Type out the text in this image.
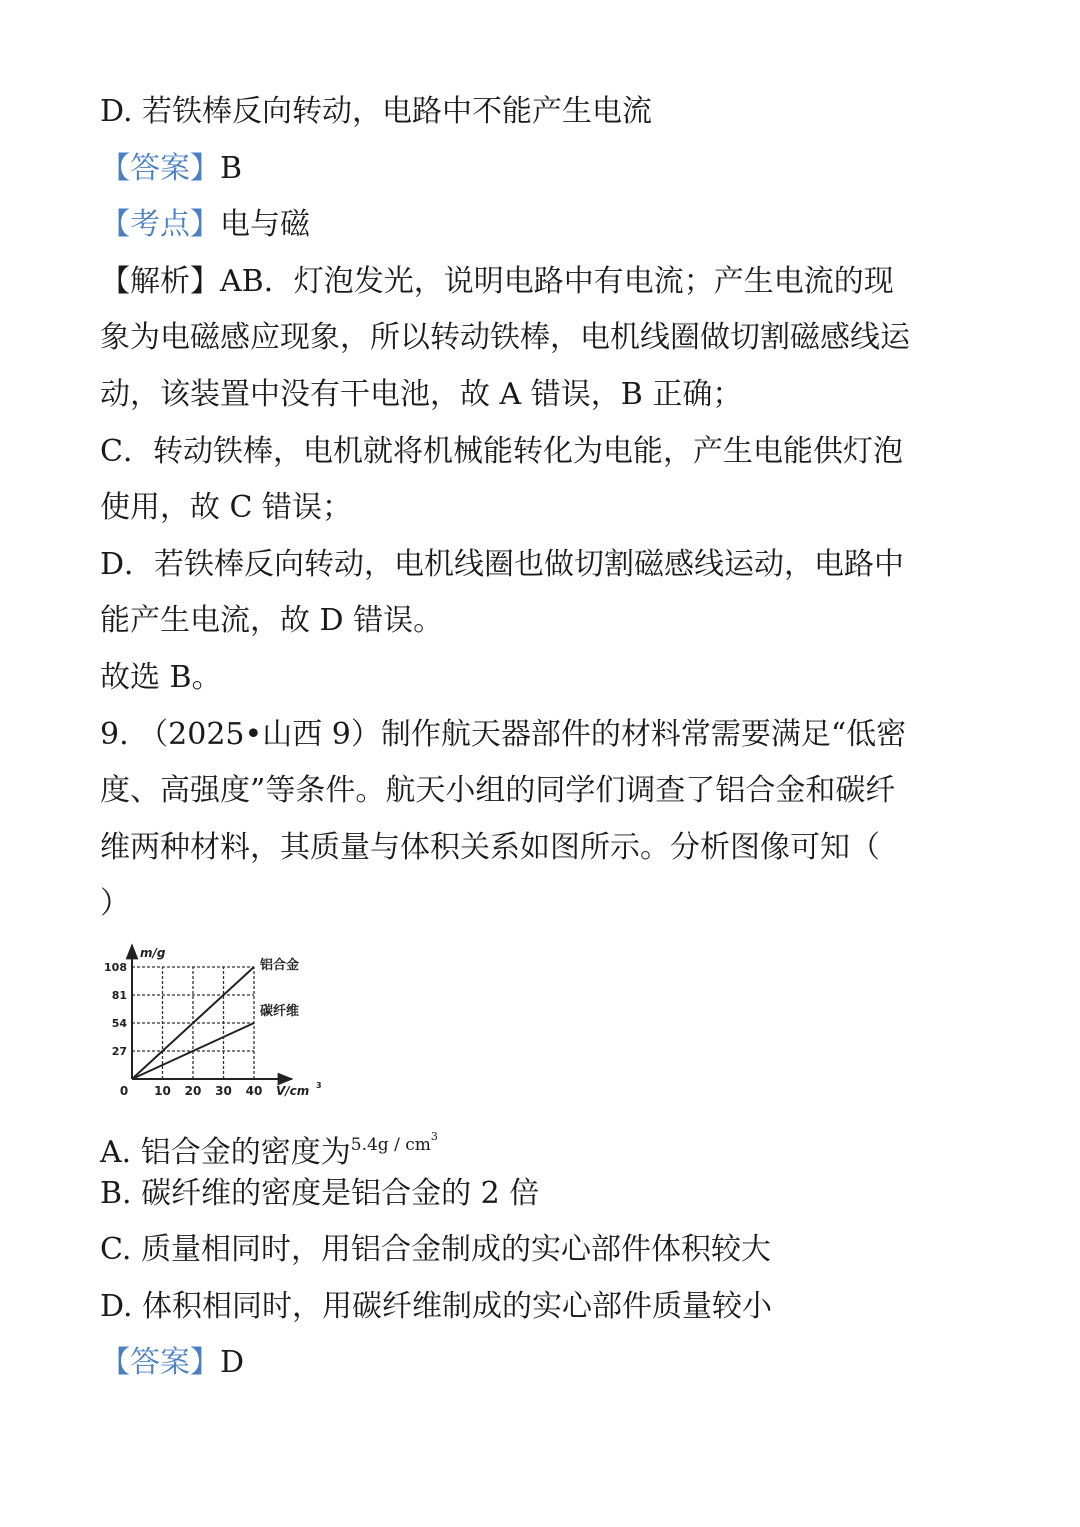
D. 若铁棒反向转动，电路中不能产生电流

【答案】B

【考点】电与磁

【解析】AB．灯泡发光，说明电路中有电流；产生电流的现

象为电磁感应现象，所以转动铁棒，电机线圈做切割磁感线运

动，该装置中没有干电池，故 A 错误，B 正确；

C．转动铁棒，电机就将机械能转化为电能，产生电能供灯泡

使用，故 C 错误；

D．若铁棒反向转动，电机线圈也做切割磁感线运动，电路中

能产生电流，故 D 错误。

故选 B。

9. （2025•山西 9）制作航天器部件的材料常需要满足“低密

度、高强度”等条件。航天小组的同学们调查了铝合金和碳纤

维两种材料，其质量与体积关系如图所示。分析图像可知（

）

10 20 30 40
27
54
81
108
0
m/g
V/cm 3
铝合金
碳纤维

A. 铝合金的密度为$^{5.4g / cm^3}$

B. 碳纤维的密度是铝合金的 2 倍

C. 质量相同时，用铝合金制成的实心部件体积较大

D. 体积相同时，用碳纤维制成的实心部件质量较小

【答案】D
